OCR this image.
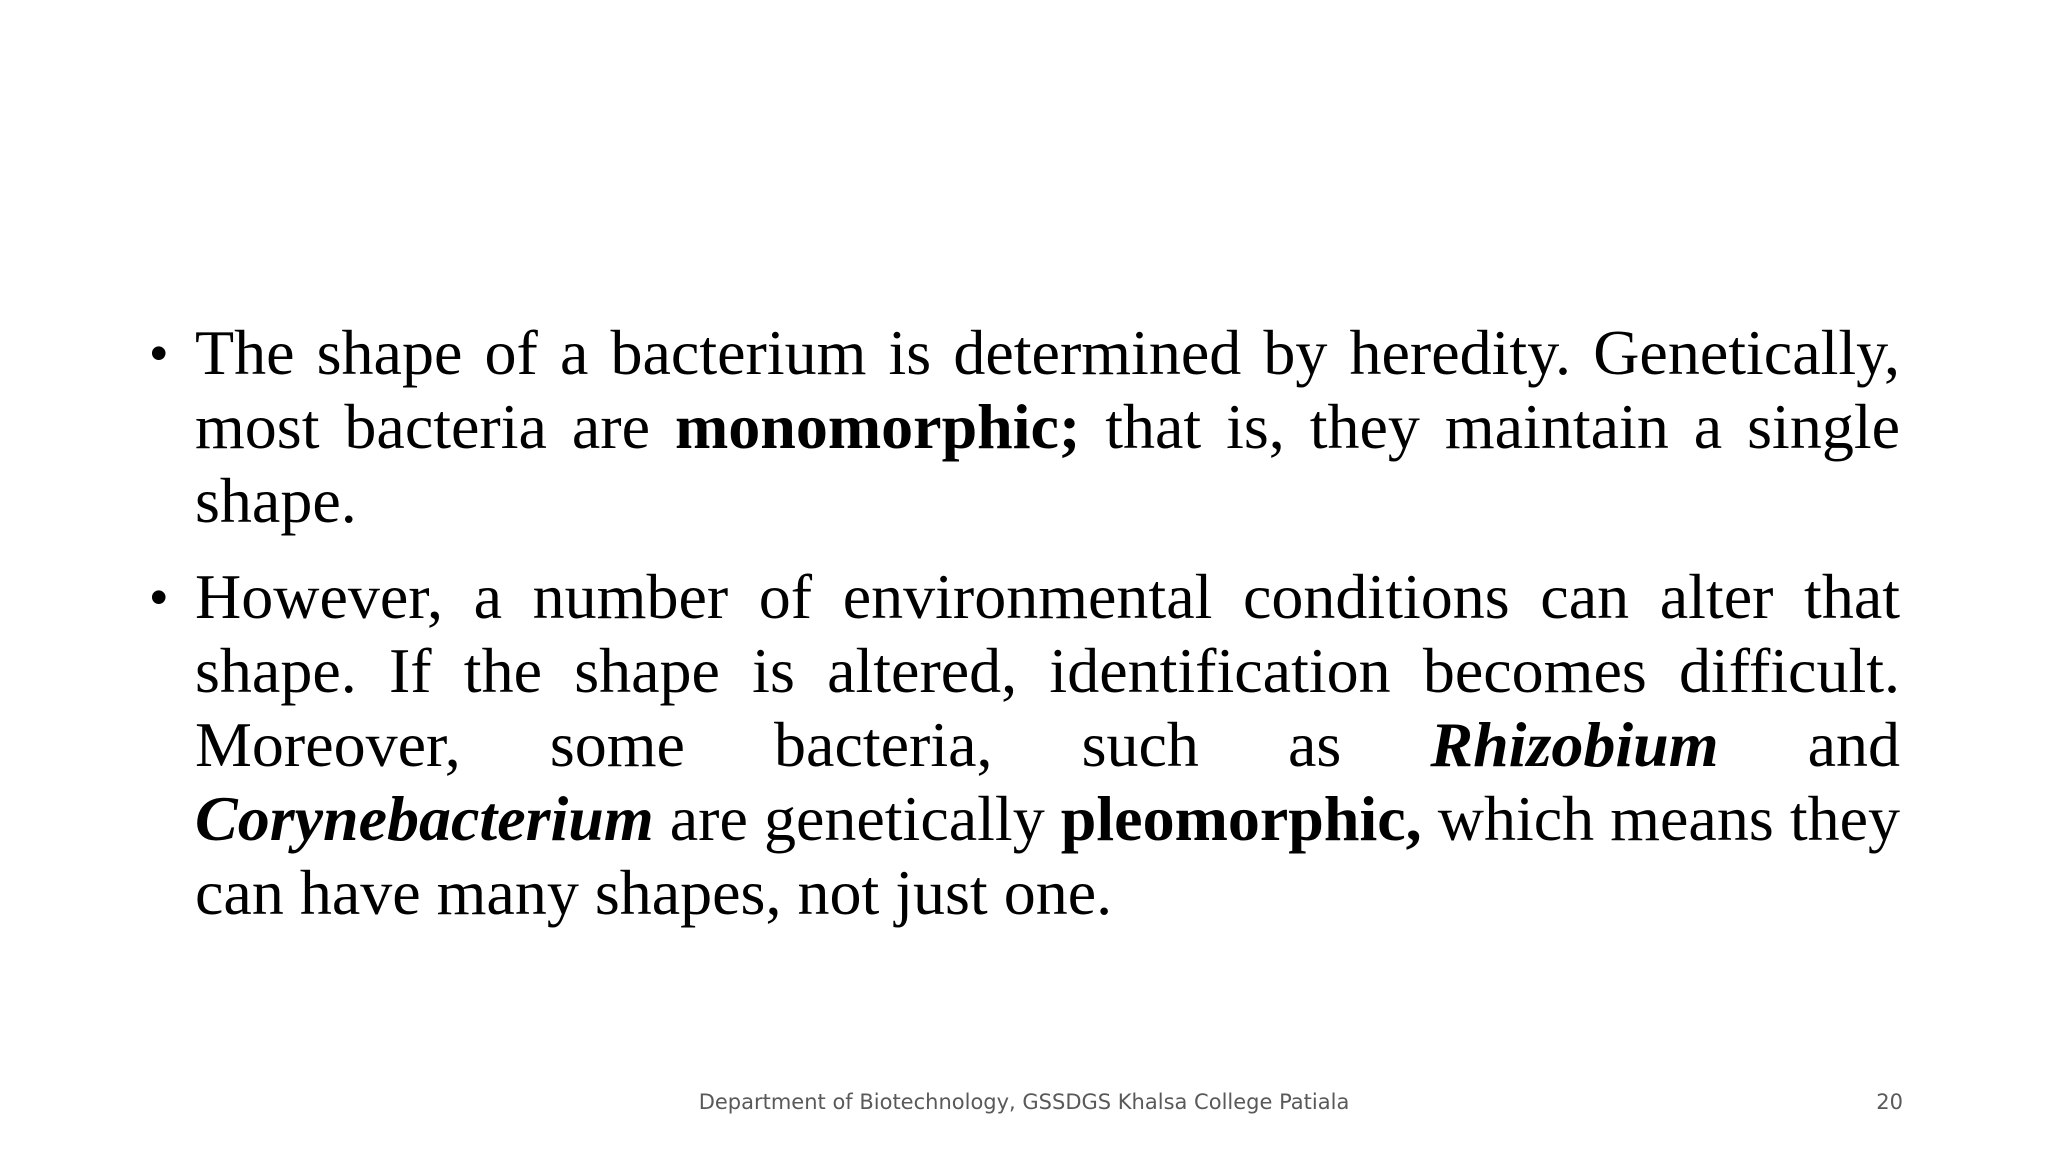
• The shape of a bacterium is determined by heredity. Genetically, most bacteria are monomorphic; that is, they maintain a single shape.
• However, a number of environmental conditions can alter that shape. If the shape is altered, identification becomes difficult. Moreover, some bacteria, such as Rhizobium and Corynebacterium are genetically pleomorphic, which means they can have many shapes, not just one.
Department of Biotechnology, GSSDGS Khalsa College Patiala	20
